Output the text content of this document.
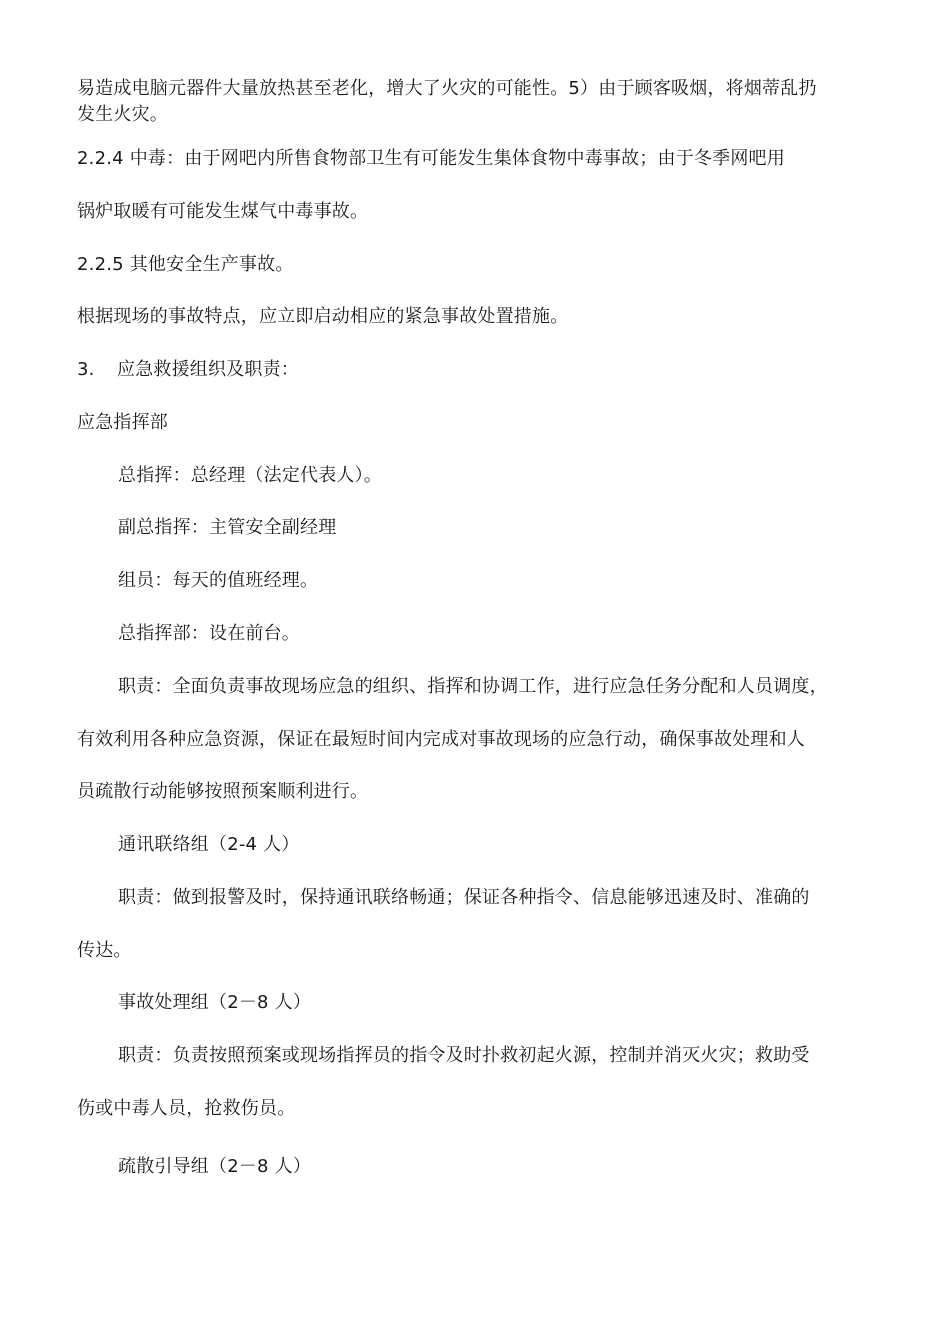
易造成电脑元器件大量放热甚至老化，增大了火灾的可能性。5）由于顾客吸烟，将烟蒂乱扔
发生火灾。
2.2.4 中毒：由于网吧内所售食物部卫生有可能发生集体食物中毒事故；由于冬季网吧用
锅炉取暖有可能发生煤气中毒事故。
2.2.5 其他安全生产事故。
根据现场的事故特点，应立即启动相应的紧急事故处置措施。
3. 应急救援组织及职责：
应急指挥部
总指挥：总经理（法定代表人）。
副总指挥：主管安全副经理
组员：每天的值班经理。
总指挥部：设在前台。
职责：全面负责事故现场应急的组织、指挥和协调工作，进行应急任务分配和人员调度，
有效利用各种应急资源，保证在最短时间内完成对事故现场的应急行动，确保事故处理和人
员疏散行动能够按照预案顺利进行。
通讯联络组（2-4 人）
职责：做到报警及时，保持通讯联络畅通；保证各种指令、信息能够迅速及时、准确的
传达。
事故处理组（2－8 人）
职责：负责按照预案或现场指挥员的指令及时扑救初起火源，控制并消灭火灾；救助受
伤或中毒人员，抢救伤员。
疏散引导组（2－8 人）
